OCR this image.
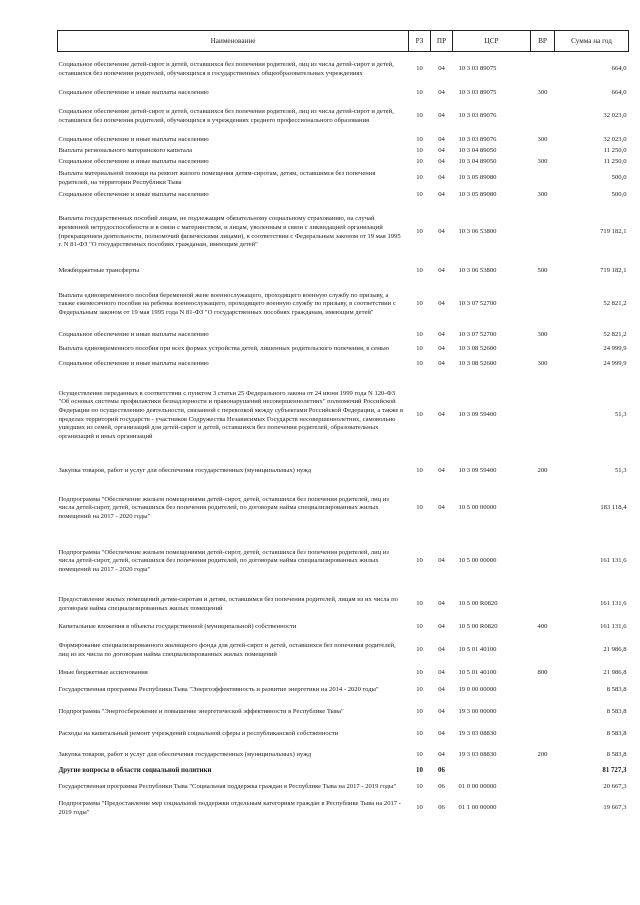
Наименование	РЗ	ПР	ЦСР	ВР	Сумма на год
Социальное обеспечение детей-сирот и детей, оставшихся без попечения родителей, лиц из числа детей-сирот и детей, оставшихся без попечения родителей, обучающихся в государственных общеобразовательных учреждениях	10	04	10 3 03 89075		664,0
Социальное обеспечение и иные выплаты населению	10	04	10 3 03 89075	300	664,0
Социальное обеспечение детей-сирот и детей, оставшихся без попечения родителей, лиц из числа детей-сирот и детей, оставшихся без попечения родителей, обучающихся в учреждениях среднего профессионального образования	10	04	10 3 03 89076		32 023,0
Социальное обеспечение и иные выплаты населению	10	04	10 3 03 89076	300	32 023,0
Выплата регионального материнского капитала	10	04	10 3 04 89050		11 250,0
Социальное обеспечение и иные выплаты населению	10	04	10 3 04 89050	300	11 250,0
Выплата материальной помощи на ремонт жилого помещения детям-сиротам, детям, оставшимся без попечения родителей, на территории Республики Тыва	10	04	10 3 05 89080		500,0
Социальное обеспечение и иные выплаты населению	10	04	10 3 05 89080	300	500,0
Выплата государственных пособий лицам, не подлежащим обязательному социальному страхованию, на случай временной нетрудоспособности и в связи с материнством, и лицам, уволенным в связи с ликвидацией организаций (прекращением деятельности, полномочий физическими лицами), в соответствии с Федеральным законом от 19 мая 1995 г. N 81-ФЗ "О государственных пособиях гражданам, имеющим детей"	10	04	10 3 06 53800		719 182,1
Межбюджетные трансферты	10	04	10 3 06 53800	500	719 182,1
Выплата единовременного пособия беременной жене военнослужащего, проходящего военную службу по призыву, а также ежемесячного пособия на ребенка военнослужащего, проходящего военную службу по призыву, в соответствии с Федеральным законом от 19 мая 1995 года N 81-ФЗ "О государственных пособиях гражданам, имеющим детей"	10	04	10 3 07 52700		52 821,2
Социальное обеспечение и иные выплаты населению	10	04	10 3 07 52700	300	52 821,2
Выплата единовременного пособия при всех формах устройства детей, лишенных родительского попечения, в семью	10	04	10 3 08 52600		24 999,9
Социальное обеспечение и иные выплаты населению	10	04	10 3 08 52600	300	24 999,9
Осуществление переданных в соответствии с пунктом 3 статьи 25 Федерального закона от 24 июня 1999 года N 120-ФЗ "Об основах системы профилактики безнадзорности и правонарушений несовершеннолетних" полномочий Российской Федерации по осуществлению деятельности, связанной с перевозкой между субъектами Российской Федерации, а также в пределах территорий государств - участников Содружества Независимых Государств несовершеннолетних, самовольно ушедших из семей, организаций для детей-сирот и детей, оставшихся без попечения родителей, образовательных организаций и иных организаций	10	04	10 3 09 59400		51,3
Закупка товаров, работ и услуг для обеспечения государственных (муниципальных) нужд	10	04	10 3 09 59400	200	51,3
Подпрограмма "Обеспечение жильем помещениями детей-сирот, детей, оставшихся без попечения родителей, лиц из числа детей-сирот, детей, оставшихся без попечения родителей, по договорам найма специализированных жилых помещений на 2017 - 2020 годы"	10	04	10 5 00 00000		183 118,4
Подпрограмма "Обеспечение жильем помещениями детей-сирот, детей, оставшихся без попечения родителей, лиц из числа детей-сирот, детей, оставшихся без попечения родителей, по договорам найма специализированных жилых помещений на 2017 - 2020 годы"	10	04	10 5 00 00000		161 131,6
Предоставление жилых помещений детям-сиротам и детям, оставшимся без попечения родителей, лицам из их числа по договорам найма специализированных жилых помещений	10	04	10 5 00 R0820		161 131,6
Капитальные вложения в объекты государственной (муниципальной) собственности	10	04	10 5 00 R0820	400	161 131,6
Формирование специализированного жилищного фонда для детей-сирот и детей, оставшихся без попечения родителей, лиц из их числа по договорам найма специализированных жилых помещений	10	04	10 5 01 40100		21 986,8
Иные бюджетные ассигнования	10	04	10 5 01 40100	800	21 986,8
Государственная программа Республики Тыва "Энергоэффективность и развитие энергетики на 2014 - 2020 годы"	10	04	19 0 00 00000		8 583,8
Подпрограмма "Энергосбережение и повышение энергетической эффективности в Республике Тыва"	10	04	19 3 00 00000		8 583,8
Расходы на капитальный ремонт учреждений социальной сферы и республиканской собственности	10	04	19 3 03 08830		8 583,8
Закупка товаров, работ и услуг для обеспечения государственных (муниципальных) нужд	10	04	19 3 03 08830	200	8 583,8
Другие вопросы в области социальной политики	10	06			81 727,3
Государственная программа Республики Тыва "Социальная поддержка граждан в Республике Тыва на 2017 - 2019 годы"	10	06	01 0 00 00000		20 667,3
Подпрограмма "Предоставление мер социальной поддержки отдельным категориям граждан в Республике Тыва на 2017 - 2019 годы"	10	06	01 1 00 00000		19 667,3
